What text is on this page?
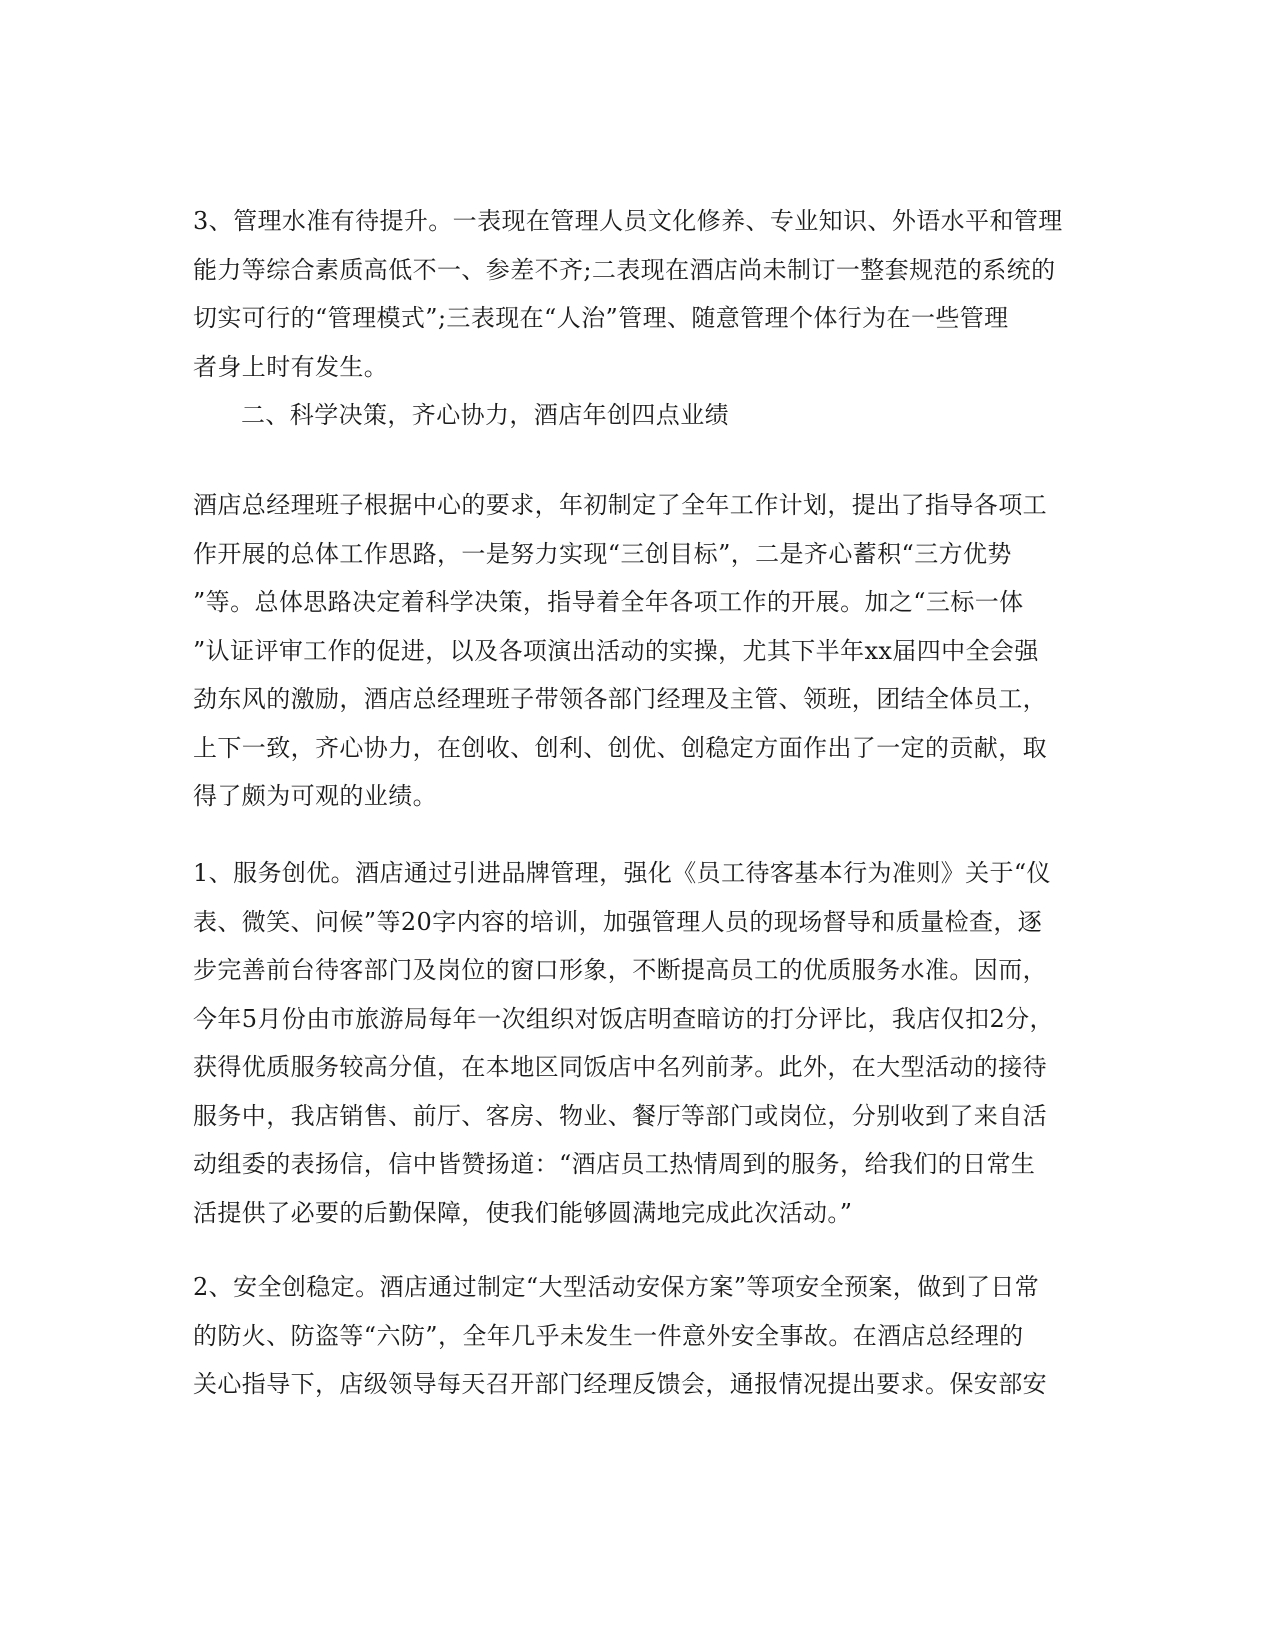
3、管理水准有待提升。一表现在管理人员文化修养、专业知识、外语水平和管理
能力等综合素质高低不一、参差不齐;二表现在酒店尚未制订一整套规范的系统的
切实可行的“管理模式”;三表现在“人治”管理、随意管理个体行为在一些管理
者身上时有发生。
二、科学决策，齐心协力，酒店年创四点业绩
酒店总经理班子根据中心的要求，年初制定了全年工作计划，提出了指导各项工
作开展的总体工作思路，一是努力实现“三创目标”，二是齐心蓄积“三方优势
”等。总体思路决定着科学决策，指导着全年各项工作的开展。加之“三标一体
”认证评审工作的促进，以及各项演出活动的实操，尤其下半年xx届四中全会强
劲东风的激励，酒店总经理班子带领各部门经理及主管、领班，团结全体员工，
上下一致，齐心协力，在创收、创利、创优、创稳定方面作出了一定的贡献，取
得了颇为可观的业绩。
1、服务创优。酒店通过引进品牌管理，强化《员工待客基本行为准则》关于“仪
表、微笑、问候”等20字内容的培训，加强管理人员的现场督导和质量检查，逐
步完善前台待客部门及岗位的窗口形象，不断提高员工的优质服务水准。因而，
今年5月份由市旅游局每年一次组织对饭店明查暗访的打分评比，我店仅扣2分，
获得优质服务较高分值，在本地区同饭店中名列前茅。此外，在大型活动的接待
服务中，我店销售、前厅、客房、物业、餐厅等部门或岗位，分别收到了来自活
动组委的表扬信，信中皆赞扬道：“酒店员工热情周到的服务，给我们的日常生
活提供了必要的后勤保障，使我们能够圆满地完成此次活动。”
2、安全创稳定。酒店通过制定“大型活动安保方案”等项安全预案，做到了日常
的防火、防盗等“六防”，全年几乎未发生一件意外安全事故。在酒店总经理的
关心指导下，店级领导每天召开部门经理反馈会，通报情况提出要求。保安部安
